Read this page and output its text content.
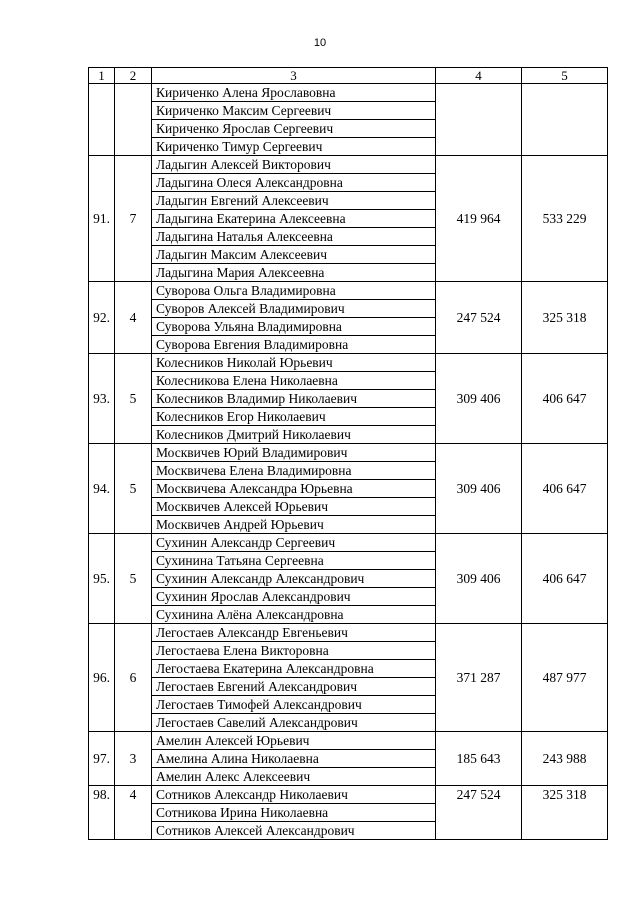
10
1	2	3	4	5
		Кириченко Алена Ярославовна		
		Кириченко Максим Сергеевич		
		Кириченко Ярослав Сергеевич		
		Кириченко Тимур Сергеевич		
91.	7	Ладыгин Алексей Викторович	419 964	533 229
		Ладыгина Олеся Александровна		
		Ладыгин Евгений Алексеевич		
		Ладыгина Екатерина Алексеевна		
		Ладыгина Наталья Алексеевна		
		Ладыгин Максим Алексеевич		
		Ладыгина Мария Алексеевна		
92.	4	Суворова Ольга Владимировна	247 524	325 318
		Суворов Алексей Владимирович		
		Суворова Ульяна Владимировна		
		Суворова Евгения Владимировна		
93.	5	Колесников Николай Юрьевич	309 406	406 647
		Колесникова Елена Николаевна		
		Колесников Владимир Николаевич		
		Колесников Егор Николаевич		
		Колесников Дмитрий Николаевич		
94.	5	Москвичев Юрий Владимирович	309 406	406 647
		Москвичева Елена Владимировна		
		Москвичева Александра Юрьевна		
		Москвичев Алексей Юрьевич		
		Москвичев Андрей Юрьевич		
95.	5	Сухинин Александр Сергеевич	309 406	406 647
		Сухинина Татьяна Сергеевна		
		Сухинин Александр Александрович		
		Сухинин Ярослав Александрович		
		Сухинина Алёна Александровна		
96.	6	Легостаев Александр Евгеньевич	371 287	487 977
		Легостаева Елена Викторовна		
		Легостаева Екатерина Александровна		
		Легостаев Евгений Александрович		
		Легостаев Тимофей Александрович		
		Легостаев Савелий Александрович		
97.	3	Амелин Алексей Юрьевич	185 643	243 988
		Амелина Алина Николаевна		
		Амелин Алекс Алексеевич		
98.	4	Сотников Александр Николаевич	247 524	325 318
		Сотникова Ирина Николаевна		
		Сотников Алексей Александрович		
